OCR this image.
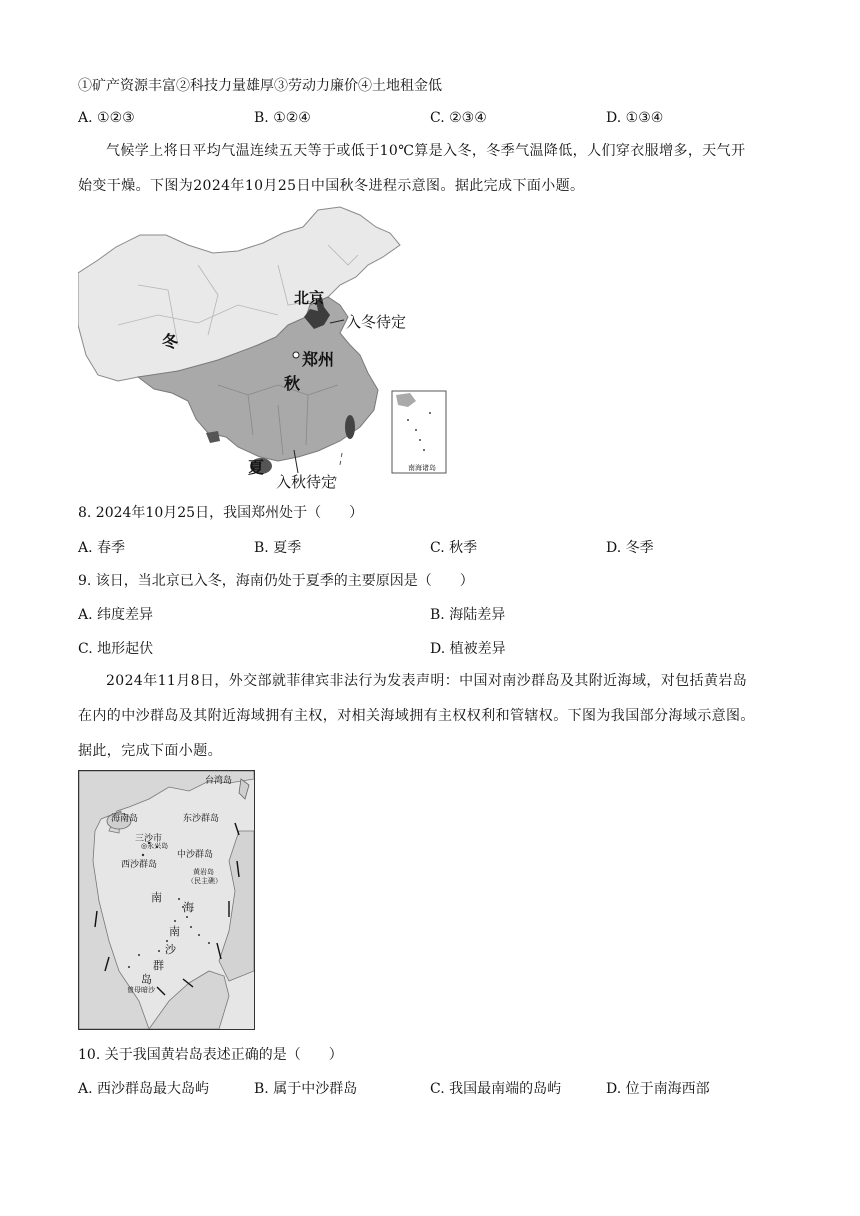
①矿产资源丰富②科技力量雄厚③劳动力廉价④土地租金低
A. ①②③	B. ①②④	C. ②③④	D. ①③④
气候学上将日平均气温连续五天等于或低于10℃算是入冬，冬季气温降低，人们穿衣服增多，天气开
始变干燥。下图为2024年10月25日中国秋冬进程示意图。据此完成下面小题。
北京
入冬待定
冬
郑州
秋
夏
入秋待定
南海诸岛
8. 2024年10月25日，我国郑州处于（　　）
A. 春季	B. 夏季	C. 秋季	D. 冬季
9. 该日，当北京已入冬，海南仍处于夏季的主要原因是（　　）
A. 纬度差异	B. 海陆差异
C. 地形起伏	D. 植被差异
2024年11月8日，外交部就菲律宾非法行为发表声明：中国对南沙群岛及其附近海域，对包括黄岩岛
在内的中沙群岛及其附近海域拥有主权，对相关海域拥有主权权利和管辖权。下图为我国部分海域示意图。
据此，完成下面小题。
台湾岛
海南岛	东沙群岛
三沙市
◎永兴岛
中沙群岛
西沙群岛
黄岩岛
（民主礁）
南
海
南
沙
群
岛
曾母暗沙
10. 关于我国黄岩岛表述正确的是（　　）
A. 西沙群岛最大岛屿	B. 属于中沙群岛	C. 我国最南端的岛屿	D. 位于南海西部
